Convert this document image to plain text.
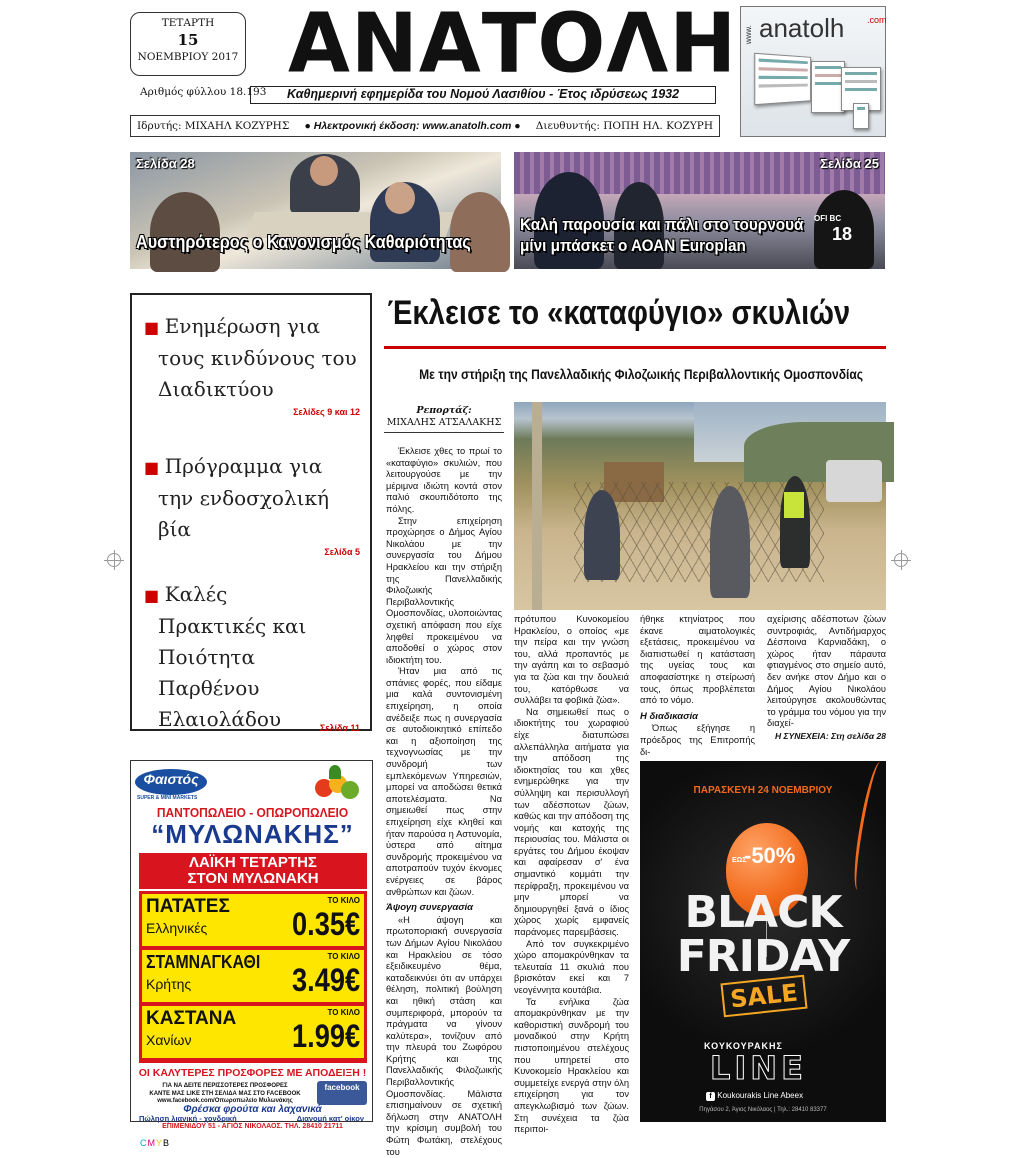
ΤΕΤΑΡΤΗ
15
ΝΟΕΜΒΡΙΟΥ 2017
Αριθμός φύλλου 18.193
ΑΝΑΤΟΛΗ
Καθημερινή εφημερίδα του Νομού Λασιθίου - Έτος ιδρύσεως 1932
Ιδρυτής: ΜΙΧΑΗΛ ΚΟΖΥΡΗΣ ● Ηλεκτρονική έκδοση: www.anatolh.com ● Διευθυντής: ΠΟΠΗ ΗΛ. ΚΟΖΥΡΗ
www. anatolh	.com
Σελίδα 28
Αυστηρότερος ο Κανονισμός Καθαριότητας
OFI BC
18
Σελίδα 25
Καλή παρουσία και πάλι στο τουρνουά
μίνι μπάσκετ ο ΑΟΑΝ Europlan
■ Ενημέρωση για τους κινδύνους του Διαδικτύου
Σελίδες 9 και 12
■ Πρόγραμμα για την ενδοσχολική βία
Σελίδα 5
■ Καλές Πρακτικές και Ποιότητα Παρθένου Ελαιολάδου	Σελίδα 11
Έκλεισε το «καταφύγιο» σκυλιών
Με την στήριξη της Πανελλαδικής Φιλοζωικής Περιβαλλοντικής Ομοσπονδίας
Ρεπορτάζ:
ΜΙΧΑΛΗΣ ΑΤΣΑΛΑΚΗΣ

Έκλεισε χθες το πρωί το «καταφύγιο» σκυλιών, που λειτουργούσε με την μέριμνα ιδιώτη κοντά στον παλιό σκουπιδότοπο της πόλης.

Στην επιχείρηση προχώρησε ο Δήμος Αγίου Νικολάου με την συνεργασία του Δήμου Ηρακλείου και την στήριξη της Πανελλαδικής Φιλοζωικής Περιβαλλοντικής Ομοσπονδίας, υλοποιώντας σχετική απόφαση που είχε ληφθεί προκειμένου να αποδοθεί ο χώρος στον ιδιοκτήτη του.

Ήταν μια από τις σπάνιες φορές, που είδαμε μια καλά συντονισμένη επιχείρηση, η οποία ανέδειξε πως η συνεργασία σε αυτοδιοικητικό επίπεδο και η αξιοποίηση της τεχνογνωσίας με την συνδρομή των εμπλεκόμενων Υπηρεσιών, μπορεί να αποδώσει θετικά αποτελέσματα. Να σημειωθεί πως στην επιχείρηση είχε κληθεί και ήταν παρούσα η Αστυνομία, ύστερα από αίτημα συνδρομής προκειμένου να αποτραπούν τυχόν έκνομες ενέργειες σε βάρος ανθρώπων και ζώων.

Άψογη συνεργασία

«Η άψογη και πρωτοποριακή συνεργασία των Δήμων Αγίου Νικολάου και Ηρακλείου σε τόσο εξειδικευμένο θέμα, καταδεικνύει ότι αν υπάρχει θέληση, πολιτική βούληση και ηθική στάση και συμπεριφορά, μπορούν τα πράγματα να γίνουν καλύτερα», τονίζουν από την πλευρά του Ζωφόρου Κρήτης και της Πανελλαδικής Φιλοζωικής Περιβαλλοντικής Ομοσπονδίας. Μάλιστα επισημαίνουν σε σχετική δήλωση στην ΑΝΑΤΟΛΗ την κρίσιμη συμβολή του Φώτη Φωτάκη, στελέχους του

πρότυπου Κυνοκομείου Ηρακλείου, ο οποίος «με την πείρα και την γνώση του, αλλά προπαντός με την αγάπη και το σεβασμό για τα ζώα και την δουλειά του, κατόρθωσε να συλλάβει τα φοβικά ζώα».

Να σημειωθεί πως ο ιδιοκτήτης του χωραφιού είχε διατυπώσει αλλεπάλληλα αιτήματα για την απόδοση της ιδιοκτησίας του και χθες ενημερώθηκε για την σύλληψη και περισυλλογή των αδέσποτων ζώων, καθώς και την απόδοση της νομής και κατοχής της περιουσίας του. Μάλιστα οι εργάτες του Δήμου έκοψαν και αφαίρεσαν σ' ένα σημαντικό κομμάτι την περίφραξη, προκειμένου να μην μπορεί να δημιουργηθεί ξανά ο ίδιος χώρος χωρίς εμφανείς παράνομες παρεμβάσεις.

Από τον συγκεκριμένο χώρο απομακρύνθηκαν τα τελευταία 11 σκυλιά που βρισκόταν εκεί και 7 νεογέννητα κουτάβια.

Τα ενήλικα ζώα απομακρύνθηκαν με την καθοριστική συνδρομή του μοναδικού στην Κρήτη πιστοποιημένου στελέχους που υπηρετεί στο Κυνοκομείο Ηρακλείου και συμμετείχε ενεργά στην όλη επιχείρηση για τον απεγκλωβισμό των ζώων. Στη συνέχεια τα ζώα περιποι-

ήθηκε κτηνίατρος που έκανε αιματολογικές εξετάσεις, προκειμένου να διαπιστωθεί η κατάσταση της υγείας τους και αποφασίστηκε η στείρωσή τους, όπως προβλέπεται από το νόμο.

Η διαδικασία

Όπως εξήγησε η πρόεδρος της Επιτροπής δι-

αχείρισης αδέσποτων ζώων συντροφιάς, Αντιδήμαρχος Δέσποινα Καρνιαδάκη, ο χώρος ήταν πάραυτα φτιαγμένος στο σημείο αυτό, δεν ανήκε στον Δήμο και ο Δήμος Αγίου Νικολάου λειτούργησε ακολουθώντας το γράμμα του νόμου για την διαχεί-

Η ΣΥΝΕΧΕΙΑ: Στη σελίδα 28
Φαιστός
SUPER & MINI MARKETS
ΠΑΝΤΟΠΩΛΕΙΟ - ΟΠΩΡΟΠΩΛΕΙΟ
“ΜΥΛΩΝΑΚΗΣ”
ΛΑΪΚΗ ΤΕΤΑΡΤΗΣ
ΣΤΟΝ ΜΥΛΩΝΑΚΗ
ΠΑΤΑΤΕΣ
Ελληνικές
ΤΟ ΚΙΛΟ
0.35€
ΣΤΑΜΝΑΓΚΑΘΙ
Κρήτης
ΤΟ ΚΙΛΟ
3.49€
ΚΑΣΤΑΝΑ
Χανίων
ΤΟ ΚΙΛΟ
1.99€
ΟΙ ΚΑΛΥΤΕΡΕΣ ΠΡΟΣΦΟΡΕΣ ΜΕ ΑΠΟΔΕΙΞΗ !
ΓΙΑ ΝΑ ΔΕΙΤΕ ΠΕΡΙΣΣΟΤΕΡΕΣ ΠΡΟΣΦΟΡΕΣ
ΚΑΝΤΕ ΜΑΣ LIKE ΣΤΗ ΣΕΛΙΔΑ ΜΑΣ ΣΤΟ FACEBOOK
www.facebook.com/Οπωροπωλείο Μυλωνάκης
facebook
Φρέσκα φρούτα και λαχανικά
Πώληση λιανική - χονδρική	Διανομή κατ' οίκον
ΕΠΙΜΕΝΙΔΟΥ 51 - ΑΓΙΟΣ ΝΙΚΟΛΑΟΣ. ΤΗΛ. 28410 21711
ΠΑΡΑΣΚΕΥΗ 24 ΝΟΕΜΒΡΙΟΥ
ΕΩΣ
-50%
BLACK
FRIDAY
SALE
ΚΟΥΚΟΥΡΑΚΗΣ
LINE
f Koukourakis Line Abeex
Πηγάσου 2, Άγιος Νικόλαος | Τηλ.: 28410 83377
CMYB
